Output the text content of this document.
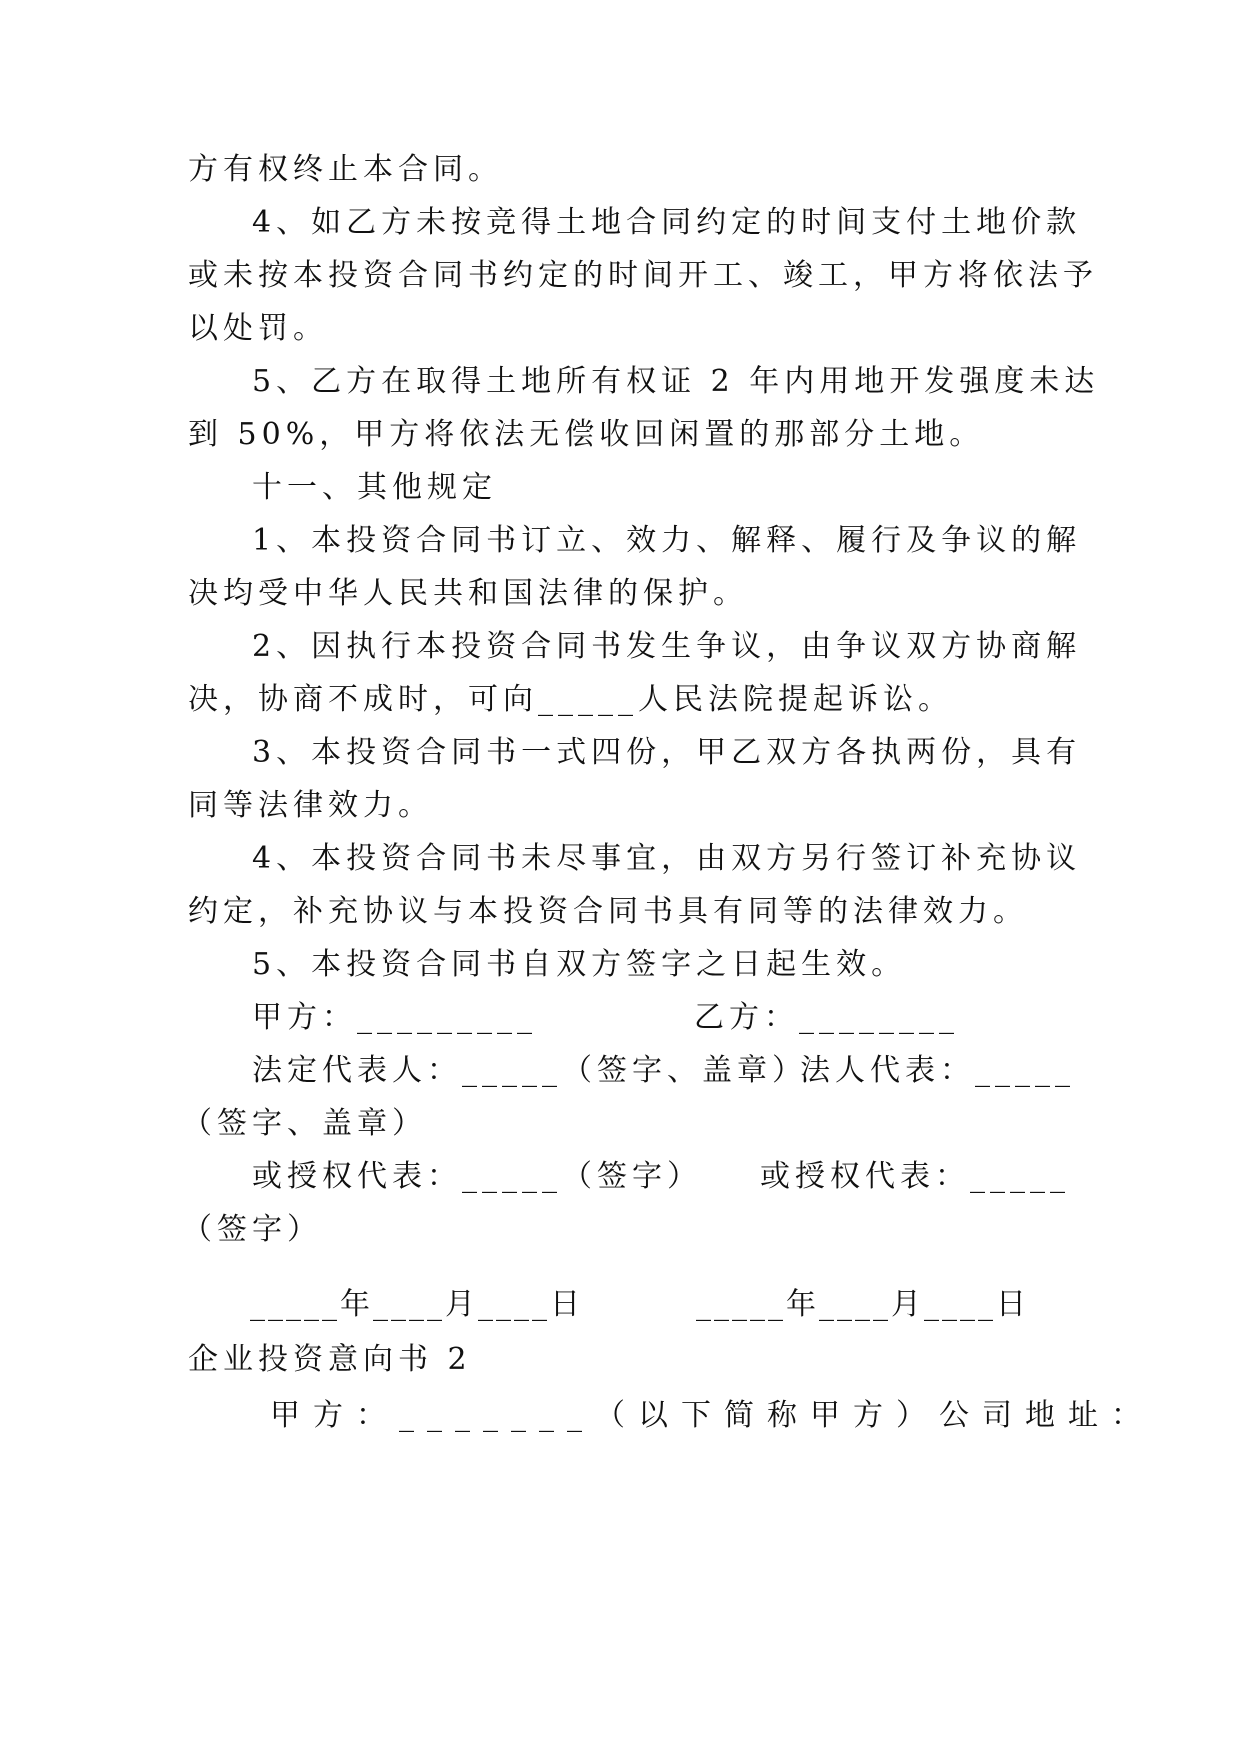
方有权终止本合同。
4、如乙方未按竞得土地合同约定的时间支付土地价款
或未按本投资合同书约定的时间开工、竣工，甲方将依法予
以处罚。
5、乙方在取得土地所有权证 2 年内用地开发强度未达
到 50%，甲方将依法无偿收回闲置的那部分土地。
十一、其他规定
1、本投资合同书订立、效力、解释、履行及争议的解
决均受中华人民共和国法律的保护。
2、因执行本投资合同书发生争议，由争议双方协商解
决，协商不成时，可向_____人民法院提起诉讼。
3、本投资合同书一式四份，甲乙双方各执两份，具有
同等法律效力。
4、本投资合同书未尽事宜，由双方另行签订补充协议
约定，补充协议与本投资合同书具有同等的法律效力。
5、本投资合同书自双方签字之日起生效。
甲方：_________	乙方：________
法定代表人：_____（签字、盖章）
法人代表：_____
（签字、盖章）
或授权代表：_____（签字） 或授权代表：_____
（签字）
_____年____月____日	_____年____月____日
企业投资意向书 2
甲方：_______（以下简称甲方）公司地址：
